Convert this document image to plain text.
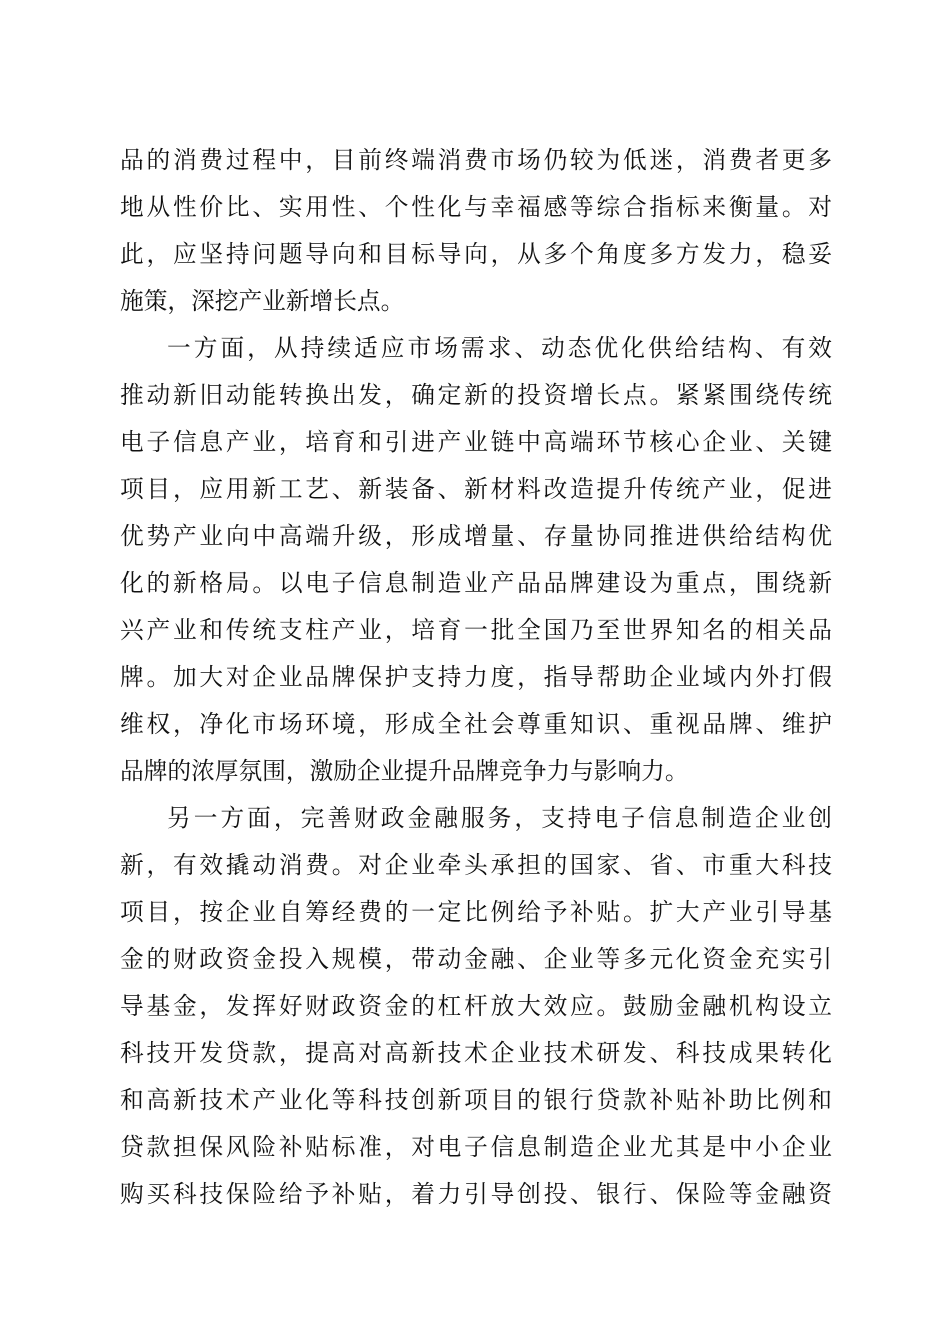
品的消费过程中，目前终端消费市场仍较为低迷，消费者更多
地从性价比、实用性、个性化与幸福感等综合指标来衡量。对
此，应坚持问题导向和目标导向，从多个角度多方发力，稳妥
施策，深挖产业新增长点。
一方面，从持续适应市场需求、动态优化供给结构、有效
推动新旧动能转换出发，确定新的投资增长点。紧紧围绕传统
电子信息产业，培育和引进产业链中高端环节核心企业、关键
项目，应用新工艺、新装备、新材料改造提升传统产业，促进
优势产业向中高端升级，形成增量、存量协同推进供给结构优
化的新格局。以电子信息制造业产品品牌建设为重点，围绕新
兴产业和传统支柱产业，培育一批全国乃至世界知名的相关品
牌。加大对企业品牌保护支持力度，指导帮助企业域内外打假
维权，净化市场环境，形成全社会尊重知识、重视品牌、维护
品牌的浓厚氛围，激励企业提升品牌竞争力与影响力。
另一方面，完善财政金融服务，支持电子信息制造企业创
新，有效撬动消费。对企业牵头承担的国家、省、市重大科技
项目，按企业自筹经费的一定比例给予补贴。扩大产业引导基
金的财政资金投入规模，带动金融、企业等多元化资金充实引
导基金，发挥好财政资金的杠杆放大效应。鼓励金融机构设立
科技开发贷款，提高对高新技术企业技术研发、科技成果转化
和高新技术产业化等科技创新项目的银行贷款补贴补助比例和
贷款担保风险补贴标准，对电子信息制造企业尤其是中小企业
购买科技保险给予补贴，着力引导创投、银行、保险等金融资
